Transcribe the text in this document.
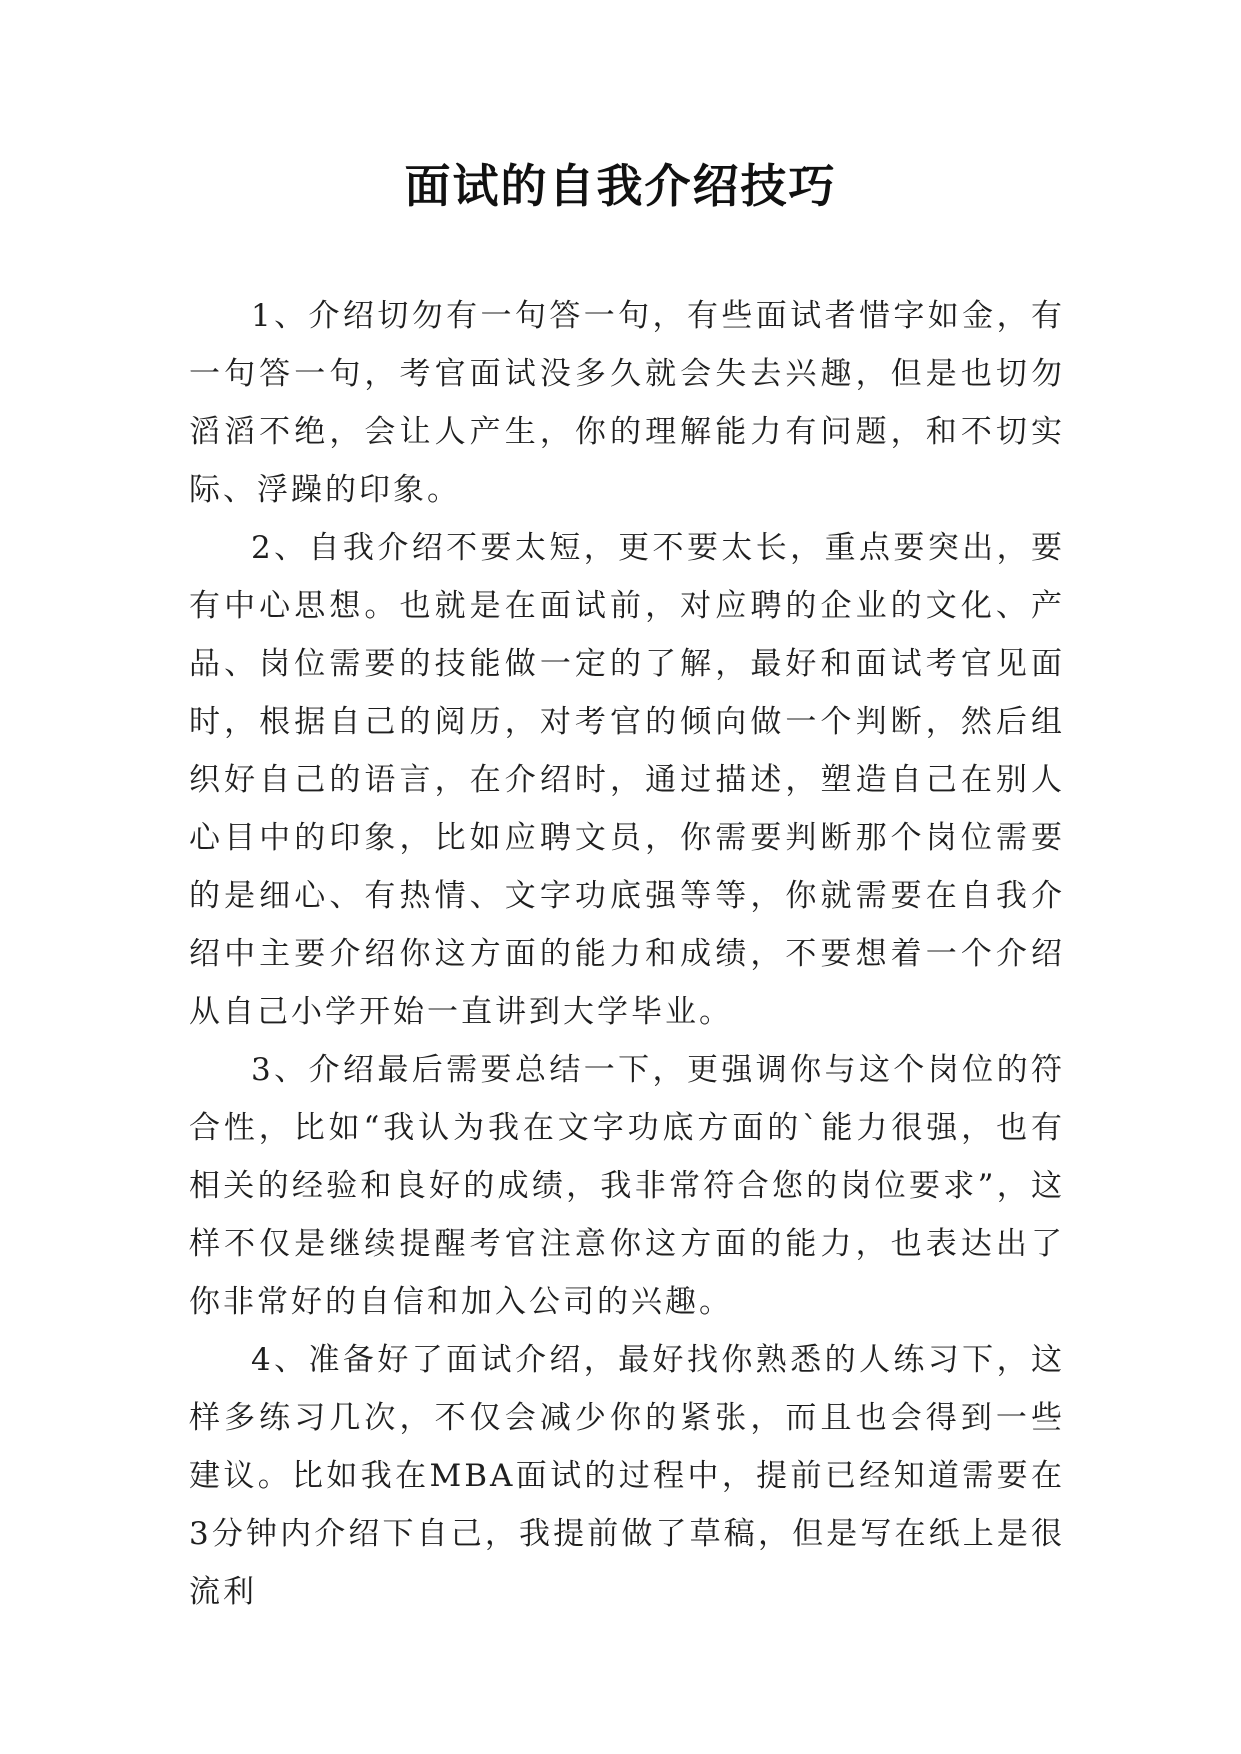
面试的自我介绍技巧

1、介绍切勿有一句答一句，有些面试者惜字如金，有一句答一句，考官面试没多久就会失去兴趣，但是也切勿滔滔不绝，会让人产生，你的理解能力有问题，和不切实际、浮躁的印象。

2、自我介绍不要太短，更不要太长，重点要突出，要有中心思想。也就是在面试前，对应聘的企业的文化、产品、岗位需要的技能做一定的了解，最好和面试考官见面时，根据自己的阅历，对考官的倾向做一个判断，然后组织好自己的语言，在介绍时，通过描述，塑造自己在别人心目中的印象，比如应聘文员，你需要判断那个岗位需要的是细心、有热情、文字功底强等等，你就需要在自我介绍中主要介绍你这方面的能力和成绩，不要想着一个介绍从自己小学开始一直讲到大学毕业。

3、介绍最后需要总结一下，更强调你与这个岗位的符合性，比如“我认为我在文字功底方面的`能力很强，也有相关的经验和良好的成绩，我非常符合您的岗位要求”，这样不仅是继续提醒考官注意你这方面的能力，也表达出了你非常好的自信和加入公司的兴趣。

4、准备好了面试介绍，最好找你熟悉的人练习下，这样多练习几次，不仅会减少你的紧张，而且也会得到一些建议。比如我在MBA面试的过程中，提前已经知道需要在3分钟内介绍下自己，我提前做了草稿，但是写在纸上是很流利
